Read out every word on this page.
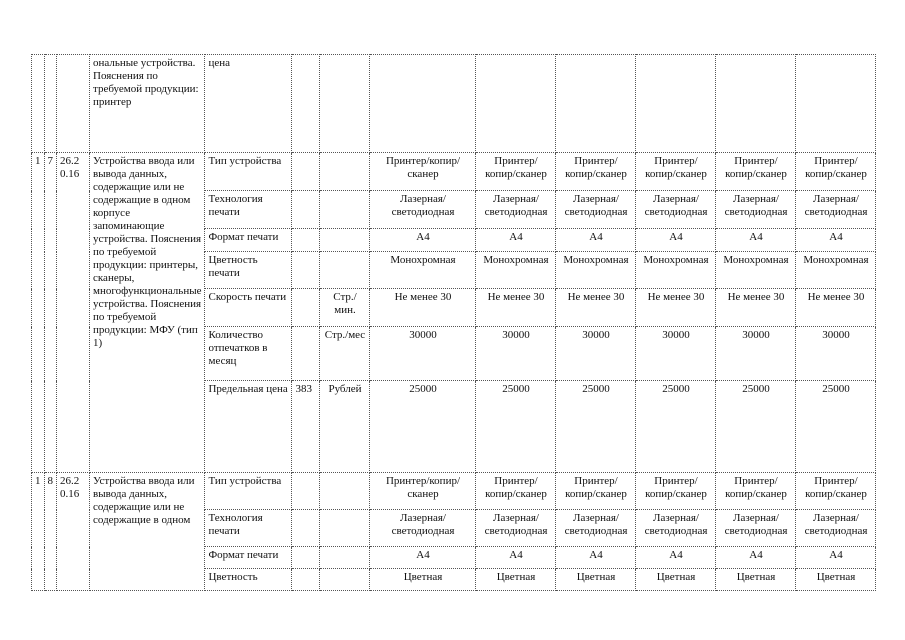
			ональные устройства. Пояснения по требуемой продукции: принтер	цена								
1	7	26.2 0.16	Устройства ввода или вывода данных, содержащие или не содержащие в одном корпусе запоминающие устройства. Пояснения по требуемой продукции: принтеры, сканеры, многофункциональные устройства. Пояснения по требуемой продукции: МФУ (тип 1)	Тип устройства			Принтер/копир/сканер	Принтер/копир/сканер	Принтер/копир/сканер	Принтер/копир/сканер	Принтер/копир/сканер	Принтер/копир/сканер
				Технология печати			Лазерная/светодиодная	Лазерная/светодиодная	Лазерная/светодиодная	Лазерная/светодиодная	Лазерная/светодиодная	Лазерная/светодиодная
				Формат печати			А4	А4	А4	А4	А4	А4
				Цветность печати			Монохромная	Монохромная	Монохромная	Монохромная	Монохромная	Монохромная
				Скорость печати		Стр./мин.	Не менее 30	Не менее 30	Не менее 30	Не менее 30	Не менее 30	Не менее 30
				Количество отпечатков в месяц		Стр./мес	30000	30000	30000	30000	30000	30000
				Предельная цена	383	Рублей	25000	25000	25000	25000	25000	25000
1	8	26.2 0.16	Устройства ввода или вывода данных, содержащие или не содержащие в одном	Тип устройства			Принтер/копир/сканер	Принтер/копир/сканер	Принтер/копир/сканер	Принтер/копир/сканер	Принтер/копир/сканер	Принтер/копир/сканер
				Технология печати			Лазерная/светодиодная	Лазерная/светодиодная	Лазерная/светодиодная	Лазерная/светодиодная	Лазерная/светодиодная	Лазерная/светодиодная
				Формат печати			А4	А4	А4	А4	А4	А4
				Цветность			Цветная	Цветная	Цветная	Цветная	Цветная	Цветная
